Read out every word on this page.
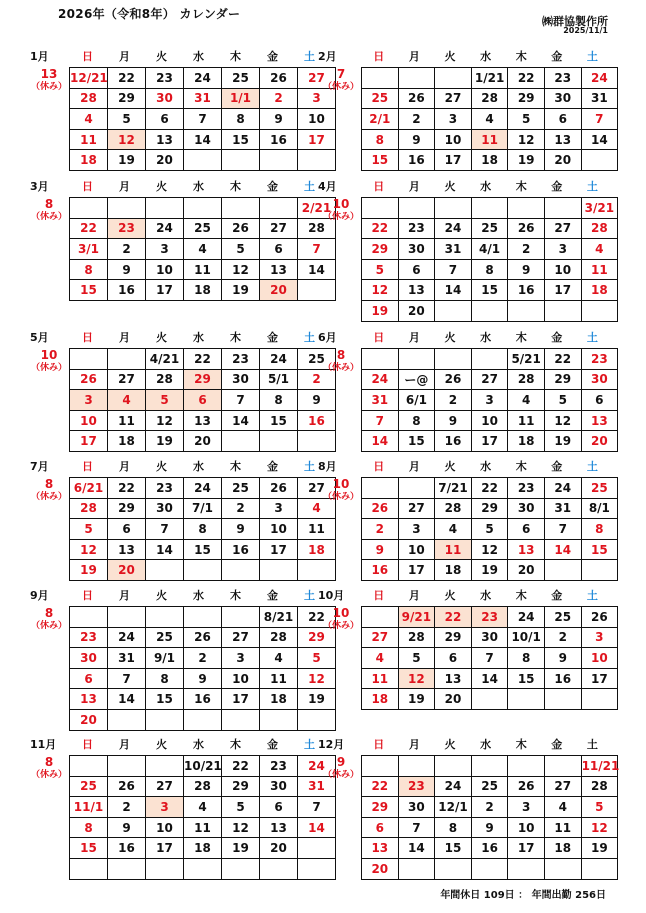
2026年（令和8年） カレンダー
㈱群協製作所
2025/11/1
1月	日	月	火	水	木	金	土
13
（休み）
12/21	22	23	24	25	26	27
28	29	30	31	1/1	2	3
4	5	6	7	8	9	10
11	12	13	14	15	16	17
18	19	20				
2月	日	月	火	水	木	金	土
7
（休み）
			1/21	22	23	24
25	26	27	28	29	30	31
2/1	2	3	4	5	6	7
8	9	10	11	12	13	14
15	16	17	18	19	20	
3月	日	月	火	水	木	金	土
8
（休み）
						2/21
22	23	24	25	26	27	28
3/1	2	3	4	5	6	7
8	9	10	11	12	13	14
15	16	17	18	19	20	
4月	日	月	火	水	木	金	土
10
（休み）
						3/21
22	23	24	25	26	27	28
29	30	31	4/1	2	3	4
5	6	7	8	9	10	11
12	13	14	15	16	17	18
19	20					
5月	日	月	火	水	木	金	土
10
（休み）
		4/21	22	23	24	25
26	27	28	29	30	5/1	2
3	4	5	6	7	8	9
10	11	12	13	14	15	16
17	18	19	20			
6月	日	月	火	水	木	金	土
8
（休み）
				5/21	22	23
24	ー@	26	27	28	29	30
31	6/1	2	3	4	5	6
7	8	9	10	11	12	13
14	15	16	17	18	19	20
7月	日	月	火	水	木	金	土
8
（休み）
6/21	22	23	24	25	26	27
28	29	30	7/1	2	3	4
5	6	7	8	9	10	11
12	13	14	15	16	17	18
19	20					
8月	日	月	火	水	木	金	土
10
（休み）
		7/21	22	23	24	25
26	27	28	29	30	31	8/1
2	3	4	5	6	7	8
9	10	11	12	13	14	15
16	17	18	19	20		
9月	日	月	火	水	木	金	土
8
（休み）
					8/21	22
23	24	25	26	27	28	29
30	31	9/1	2	3	4	5
6	7	8	9	10	11	12
13	14	15	16	17	18	19
20						
10月	日	月	火	水	木	金	土
10
（休み）
	9/21	22	23	24	25	26
27	28	29	30	10/1	2	3
4	5	6	7	8	9	10
11	12	13	14	15	16	17
18	19	20				
11月	日	月	火	水	木	金	土
8
（休み）
			10/21	22	23	24
25	26	27	28	29	30	31
11/1	2	3	4	5	6	7
8	9	10	11	12	13	14
15	16	17	18	19	20	

12月	日	月	火	水	木	金	土
9
（休み）
						11/21
22	23	24	25	26	27	28
29	30	12/1	2	3	4	5
6	7	8	9	10	11	12
13	14	15	16	17	18	19
20						
年間休日 109日 ： 年間出勤 256日
